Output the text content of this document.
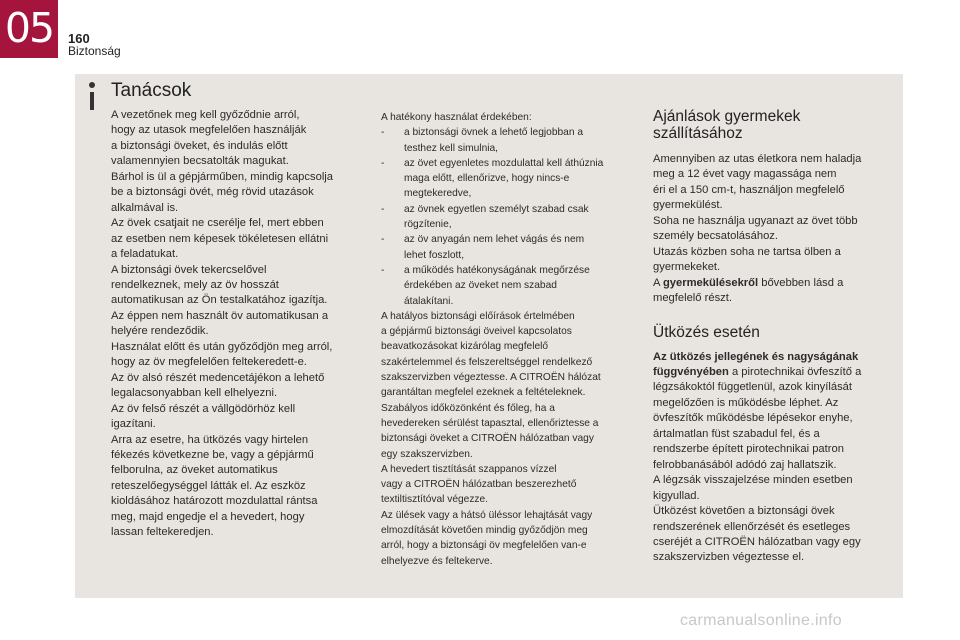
05	160
Biztonság
Tanácsok
A vezetőnek meg kell győződnie arról,
hogy az utasok megfelelően használják
a biztonsági öveket, és indulás előtt
valamennyien becsatolták magukat.
Bárhol is ül a gépjárműben, mindig kapcsolja
be a biztonsági övét, még rövid utazások
alkalmával is.
Az övek csatjait ne cserélje fel, mert ebben
az esetben nem képesek tökéletesen ellátni
a feladatukat.
A biztonsági övek tekercselővel
rendelkeznek, mely az öv hosszát
automatikusan az Ön testalkatához igazítja.
Az éppen nem használt öv automatikusan a
helyére rendeződik.
Használat előtt és után győződjön meg arról,
hogy az öv megfelelően feltekeredett-e.
Az öv alsó részét medencetájékon a lehető
legalacsonyabban kell elhelyezni.
Az öv felső részét a vállgödörhöz kell
igazítani.
Arra az esetre, ha ütközés vagy hirtelen
fékezés következne be, vagy a gépjármű
felborulna, az öveket automatikus
reteszelőegységgel látták el. Az eszköz
kioldásához határozott mozdulattal rántsa
meg, majd engedje el a hevedert, hogy
lassan feltekeredjen.
A hatékony használat érdekében:
- a biztonsági övnek a lehető legjobban a
testhez kell simulnia,
- az övet egyenletes mozdulattal kell áthúznia
maga előtt, ellenőrizve, hogy nincs-e
megtekeredve,
- az övnek egyetlen személyt szabad csak
rögzítenie,
- az öv anyagán nem lehet vágás és nem
lehet foszlott,
- a működés hatékonyságának megőrzése
érdekében az öveket nem szabad
átalakítani.
A hatályos biztonsági előírások értelmében
a gépjármű biztonsági öveivel kapcsolatos
beavatkozásokat kizárólag megfelelő
szakértelemmel és felszereltséggel rendelkező
szakszervizben végeztesse. A CITROËN hálózat
garantáltan megfelel ezeknek a feltételeknek.
Szabályos időközönként és főleg, ha a
hevedereken sérülést tapasztal, ellenőriztesse a
biztonsági öveket a CITROËN hálózatban vagy
egy szakszervizben.
A hevedert tisztítását szappanos vízzel
vagy a CITROËN hálózatban beszerezhető
textiltisztítóval végezze.
Az ülések vagy a hátsó üléssor lehajtását vagy
elmozdítását követően mindig győződjön meg
arról, hogy a biztonsági öv megfelelően van-e
elhelyezve és feltekerve.
Ajánlások gyermekek
szállításához
Amennyiben az utas életkora nem haladja
meg a 12 évet vagy magassága nem
éri el a 150 cm-t, használjon megfelelő
gyermekülést.
Soha ne használja ugyanazt az övet több
személy becsatolásához.
Utazás közben soha ne tartsa ölben a
gyermekeket.
A gyermekülésekről bővebben lásd a
megfelelő részt.
Ütközés esetén
Az ütközés jellegének és nagyságának
függvényében a pirotechnikai övfeszítő a
légzsákoktól függetlenül, azok kinyílását
megelőzően is működésbe léphet. Az
övfeszítők működésbe lépésekor enyhe,
ártalmatlan füst szabadul fel, és a
rendszerbe épített pirotechnikai patron
felrobbanásából adódó zaj hallatszik.
A légzsák visszajelzése minden esetben
kigyullad.
Ütközést követően a biztonsági övek
rendszerének ellenőrzését és esetleges
cseréjét a CITROËN hálózatban vagy egy
szakszervizben végeztesse el.
carmanualsonline.info
